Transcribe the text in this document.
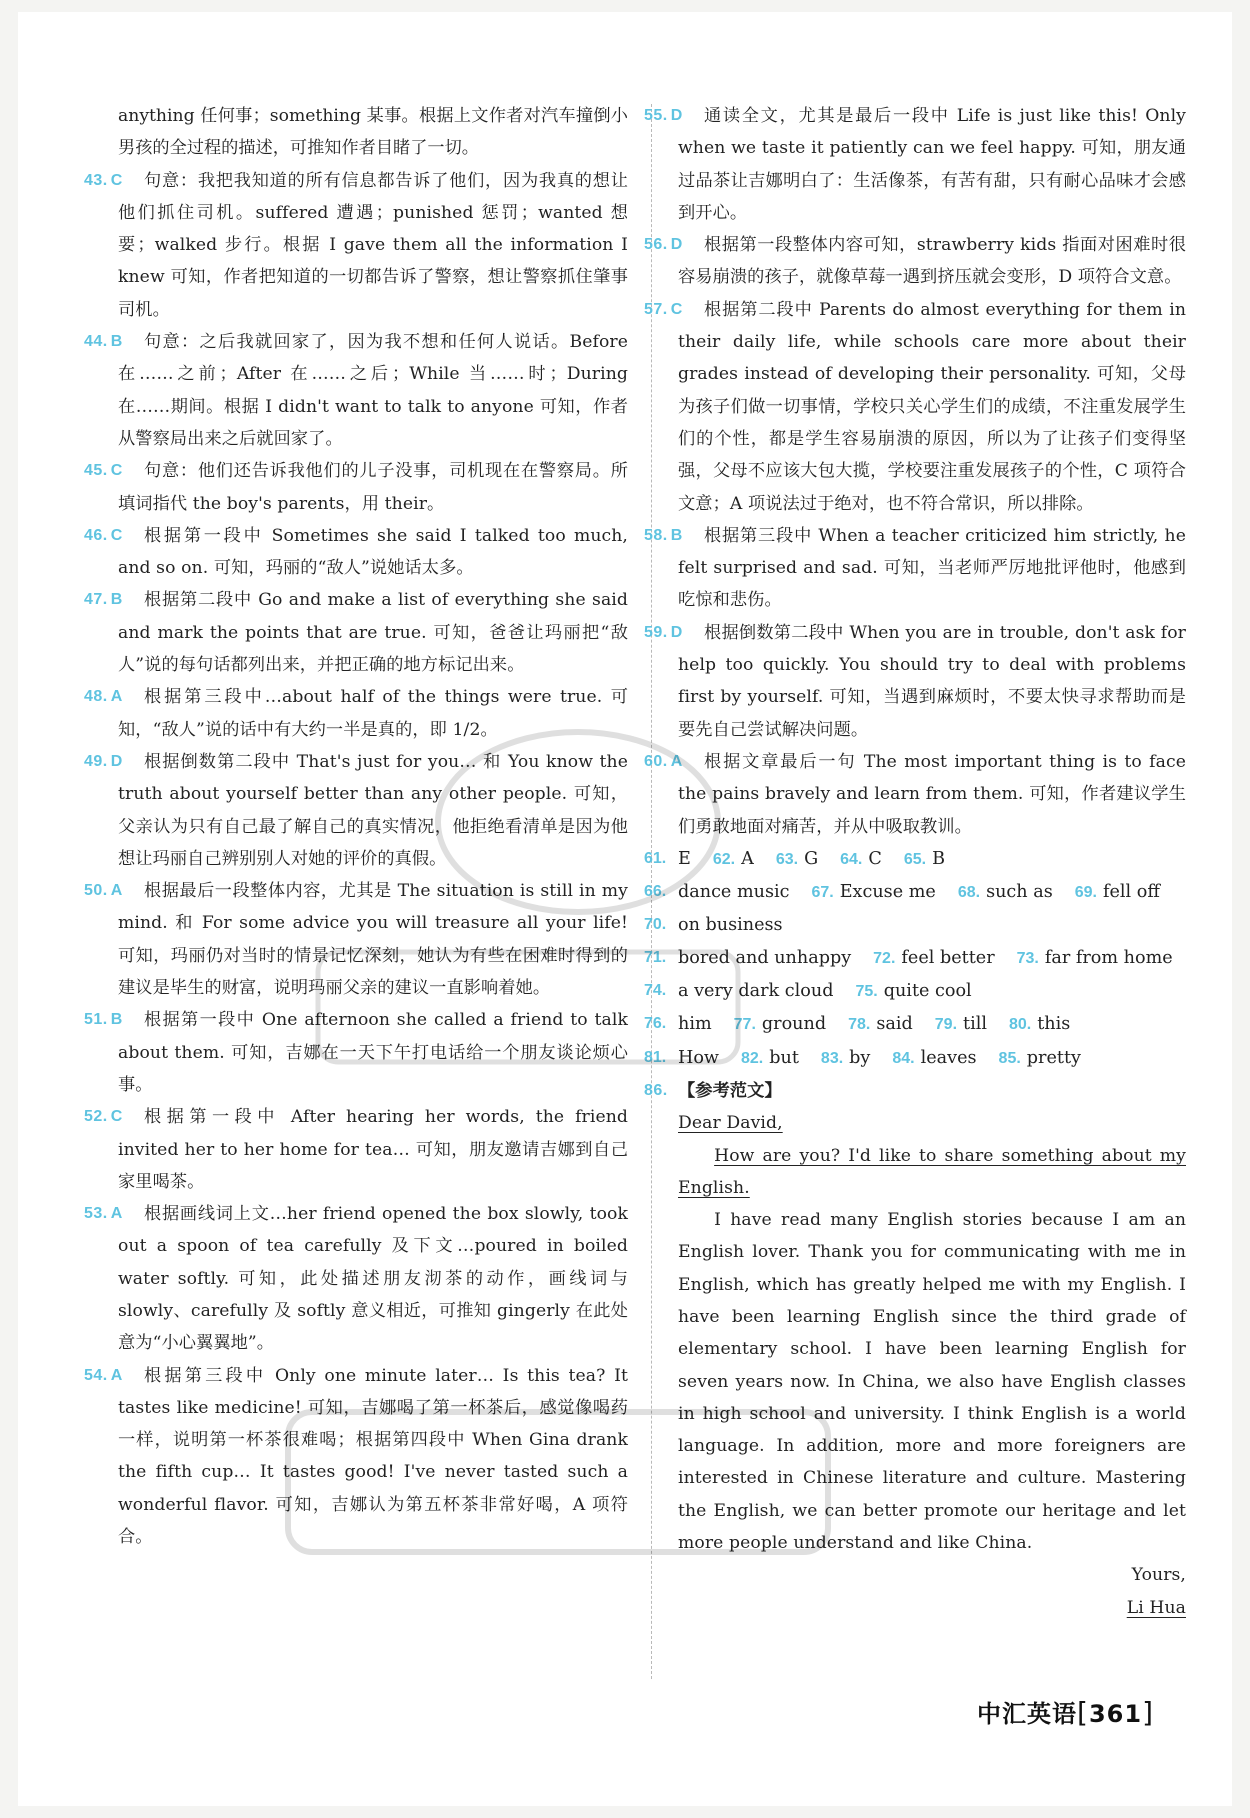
anything 任何事；something 某事。根据上文作者对汽车撞倒小男孩的全过程的描述，可推知作者目睹了一切。

43. C 句意：我把我知道的所有信息都告诉了他们，因为我真的想让他们抓住司机。suffered 遭遇；punished 惩罚；wanted 想要；walked 步行。根据 I gave them all the information I knew 可知，作者把知道的一切都告诉了警察，想让警察抓住肇事司机。
44. B 句意：之后我就回家了，因为我不想和任何人说话。Before 在……之前；After 在……之后；While 当……时；During 在……期间。根据 I didn't want to talk to anyone 可知，作者从警察局出来之后就回家了。
45. C 句意：他们还告诉我他们的儿子没事，司机现在在警察局。所填词指代 the boy's parents，用 their。
46. C 根据第一段中 Sometimes she said I talked too much, and so on. 可知，玛丽的“敌人”说她话太多。
47. B 根据第二段中 Go and make a list of everything she said and mark the points that are true. 可知，爸爸让玛丽把“敌人”说的每句话都列出来，并把正确的地方标记出来。
48. A 根据第三段中…about half of the things were true. 可知，“敌人”说的话中有大约一半是真的，即 1/2。
49. D 根据倒数第二段中 That's just for you… 和 You know the truth about yourself better than any other people. 可知，父亲认为只有自己最了解自己的真实情况，他拒绝看清单是因为他想让玛丽自己辨别别人对她的评价的真假。
50. A 根据最后一段整体内容，尤其是 The situation is still in my mind. 和 For some advice you will treasure all your life! 可知，玛丽仍对当时的情景记忆深刻，她认为有些在困难时得到的建议是毕生的财富，说明玛丽父亲的建议一直影响着她。
51. B 根据第一段中 One afternoon she called a friend to talk about them. 可知，吉娜在一天下午打电话给一个朋友谈论烦心事。
52. C 根据第一段中 After hearing her words, the friend invited her to her home for tea… 可知，朋友邀请吉娜到自己家里喝茶。
53. A 根据画线词上文…her friend opened the box slowly, took out a spoon of tea carefully 及下文…poured in boiled water softly. 可知，此处描述朋友沏茶的动作，画线词与 slowly、carefully 及 softly 意义相近，可推知 gingerly 在此处意为“小心翼翼地”。
54. A 根据第三段中 Only one minute later… Is this tea? It tastes like medicine! 可知，吉娜喝了第一杯茶后，感觉像喝药一样，说明第一杯茶很难喝；根据第四段中 When Gina drank the fifth cup… It tastes good! I've never tasted such a wonderful flavor. 可知，吉娜认为第五杯茶非常好喝，A 项符合。
55. D 通读全文，尤其是最后一段中 Life is just like this! Only when we taste it patiently can we feel happy. 可知，朋友通过品茶让吉娜明白了：生活像茶，有苦有甜，只有耐心品味才会感到开心。
56. D 根据第一段整体内容可知，strawberry kids 指面对困难时很容易崩溃的孩子，就像草莓一遇到挤压就会变形，D 项符合文意。
57. C 根据第二段中 Parents do almost everything for them in their daily life, while schools care more about their grades instead of developing their personality. 可知，父母为孩子们做一切事情，学校只关心学生们的成绩，不注重发展学生们的个性，都是学生容易崩溃的原因，所以为了让孩子们变得坚强，父母不应该大包大揽，学校要注重发展孩子的个性，C 项符合文意；A 项说法过于绝对，也不符合常识，所以排除。
58. B 根据第三段中 When a teacher criticized him strictly, he felt surprised and sad. 可知，当老师严厉地批评他时，他感到吃惊和悲伤。
59. D 根据倒数第二段中 When you are in trouble, don't ask for help too quickly. You should try to deal with problems first by yourself. 可知，当遇到麻烦时，不要太快寻求帮助而是要先自己尝试解决问题。
60. A 根据文章最后一句 The most important thing is to face the pains bravely and learn from them. 可知，作者建议学生们勇敢地面对痛苦，并从中吸取教训。
61. E 62. A 63. G 64. C 65. B
66. dance music 67. Excuse me 68. such as 69. fell off
70. on business
71. bored and unhappy 72. feel better 73. far from home
74. a very dark cloud 75. quite cool
76. him 77. ground 78. said 79. till 80. this
81. How 82. but 83. by 84. leaves 85. pretty
86. 【参考范文】
Dear David,

How are you? I'd like to share something about my English.

I have read many English stories because I am an English lover. Thank you for communicating with me in English, which has greatly helped me with my English. I have been learning English since the third grade of elementary school. I have been learning English for seven years now. In China, we also have English classes in high school and university. I think English is a world language. In addition, more and more foreigners are interested in Chinese literature and culture. Mastering the English, we can better promote our heritage and let more people understand and like China.

Yours,

Li Hua

中汇英语[361]
